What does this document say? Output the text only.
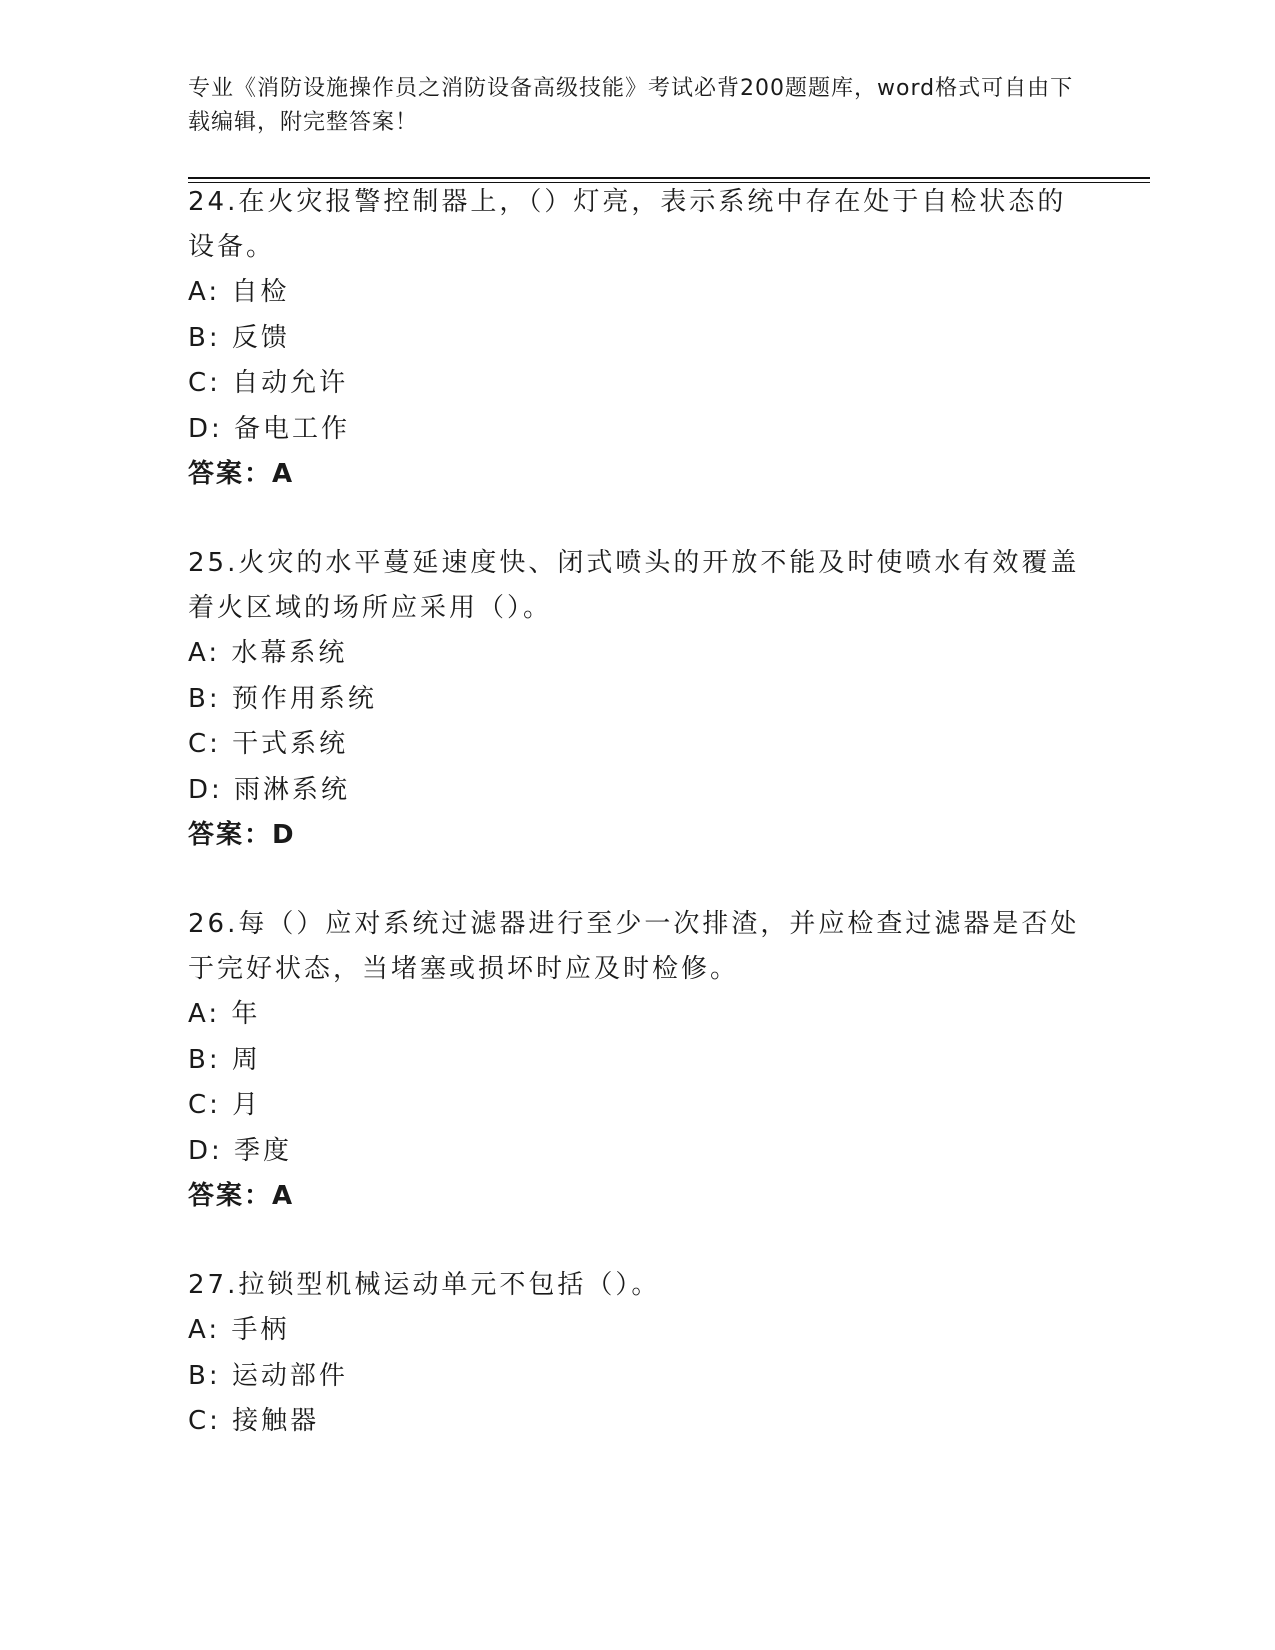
专业《消防设施操作员之消防设备高级技能》考试必背200题题库，word格式可自由下载编辑，附完整答案！
24.在火灾报警控制器上，（）灯亮，表示系统中存在处于自检状态的设备。
A: 自检
B: 反馈
C: 自动允许
D: 备电工作
答案：A
25.火灾的水平蔓延速度快、闭式喷头的开放不能及时使喷水有效覆盖着火区域的场所应采用（）。
A: 水幕系统
B: 预作用系统
C: 干式系统
D: 雨淋系统
答案：D
26.每（）应对系统过滤器进行至少一次排渣，并应检查过滤器是否处于完好状态，当堵塞或损坏时应及时检修。
A: 年
B: 周
C: 月
D: 季度
答案：A
27.拉锁型机械运动单元不包括（）。
A: 手柄
B: 运动部件
C: 接触器
